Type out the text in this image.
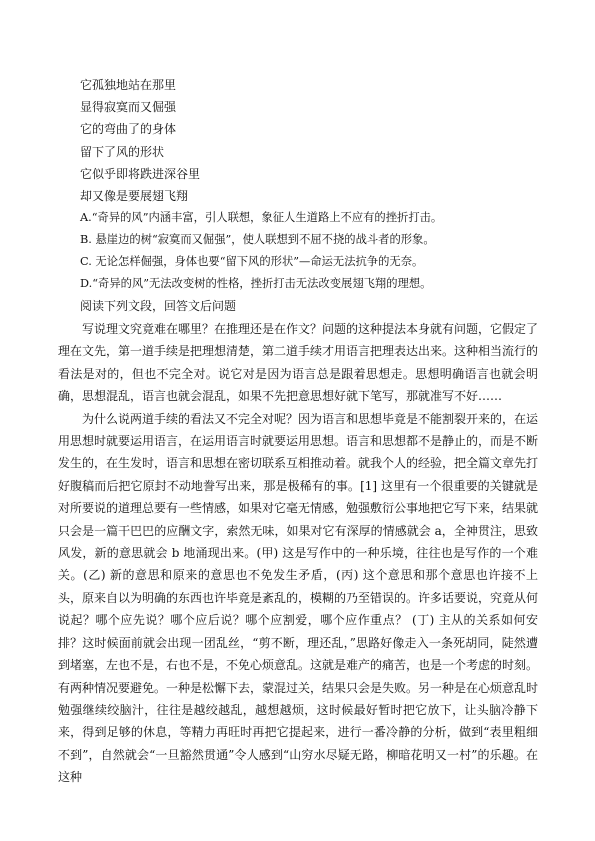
它孤独地站在那里
显得寂寞而又倔强
它的弯曲了的身体
留下了风的形状
它似乎即将跌进深谷里
却又像是要展翅飞翔
A.“奇异的风”内涵丰富，引人联想，象征人生道路上不应有的挫折打击。
B. 悬崖边的树“寂寞而又倔强”，使人联想到不屈不挠的战斗者的形象。
C. 无论怎样倔强，身体也要“留下风的形状”—命运无法抗争的无奈。
D.“奇异的风”无法改变树的性格，挫折打击无法改变展翅飞翔的理想。
阅读下列文段，回答文后问题

写说理文究竟难在哪里？在推理还是在作文？问题的这种提法本身就有问题，它假定了理在文先，第一道手续是把理想清楚，第二道手续才用语言把理表达出来。这种相当流行的看法是对的，但也不完全对。说它对是因为语言总是跟着思想走。思想明确语言也就会明确，思想混乱，语言也就会混乱，如果不先把意思想好就下笔写，那就准写不好……

为什么说两道手续的看法又不完全对呢？因为语言和思想毕竟是不能割裂开来的，在运用思想时就要运用语言，在运用语言时就要运用思想。语言和思想都不是静止的，而是不断发生的，在生发时，语言和思想在密切联系互相推动着。就我个人的经验，把全篇文章先打好腹稿而后把它原封不动地誊写出来，那是极稀有的事。[1] 这里有一个很重要的关键就是对所要说的道理总要有一些情感，如果对它毫无情感，勉强敷衍公事地把它写下来，结果就只会是一篇干巴巴的应酬文字，索然无味，如果对它有深厚的情感就会 a，全神贯注，思致风发，新的意思就会 b 地涌现出来。(甲) 这是写作中的一种乐境，往往也是写作的一个难关。(乙) 新的意思和原来的意思也不免发生矛盾，(丙) 这个意思和那个意思也许接不上头，原来自以为明确的东西也许毕竟是紊乱的，模糊的乃至错误的。许多话要说，究竟从何说起？哪个应先说？哪个应后说？哪个应割爱，哪个应作重点？ (丁) 主从的关系如何安排？这时候面前就会出现一团乱丝，“剪不断，理还乱，”思路好像走入一条死胡同，陡然遭到堵塞，左也不是，右也不是，不免心烦意乱。这就是难产的痛苦，也是一个考虑的时刻。有两种情况要避免。一种是松懈下去，蒙混过关，结果只会是失败。另一种是在心烦意乱时勉强继续绞脑汁，往往是越绞越乱，越想越烦，这时候最好暂时把它放下，让头脑冷静下来，得到足够的休息，等精力再旺时再把它提起来，进行一番冷静的分析，做到“表里粗细不到”，自然就会“一旦豁然贯通”令人感到“山穷水尽疑无路，柳暗花明又一村”的乐趣。在这种
